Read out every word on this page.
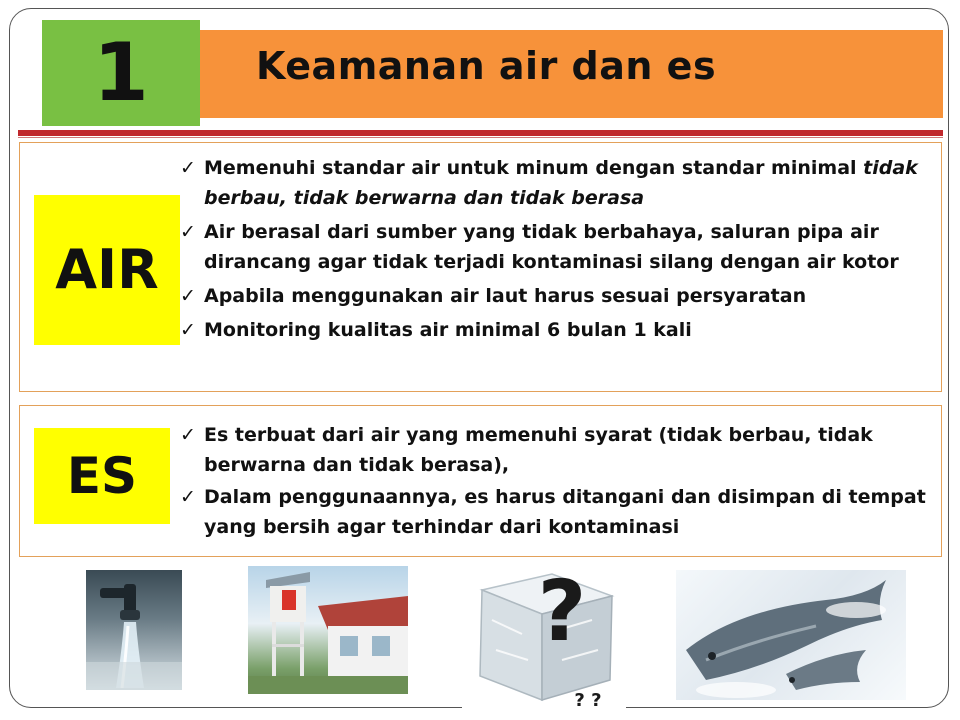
1	Keamanan air dan es
AIR
✓ Memenuhi standar air untuk minum dengan standar minimal tidak berbau, tidak berwarna dan tidak berasa
✓ Air berasal dari sumber yang tidak berbahaya, saluran pipa air dirancang agar tidak terjadi kontaminasi silang dengan air kotor
✓ Apabila menggunakan air laut harus sesuai persyaratan
✓ Monitoring kualitas air minimal 6 bulan 1 kali
ES
✓ Es terbuat dari air yang memenuhi syarat (tidak berbau, tidak berwarna dan tidak berasa),
✓ Dalam penggunaannya, es harus ditangani dan disimpan di tempat yang bersih agar terhindar dari kontaminasi
?
? ?
